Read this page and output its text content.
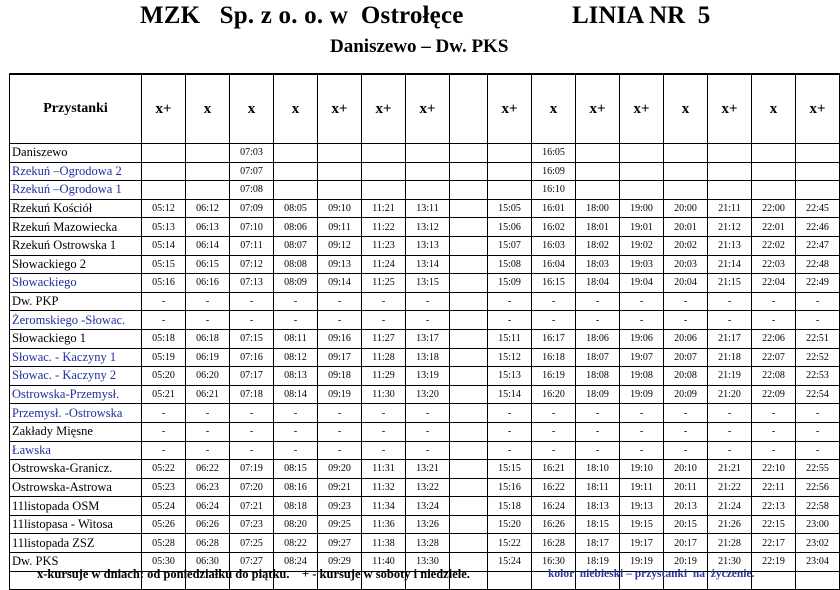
MZK   Sp. z o. o. w  Ostrołęce	LINIA NR  5
Daniszewo – Dw. PKS
Przystanki	x+	x	x	x	x+	x+	x+		x+	x	x+	x+	x	x+	x	x+
Daniszewo			07:03							16:05						
Rzekuń –Ogrodowa 2			07:07							16:09						
Rzekuń –Ogrodowa 1			07:08							16:10						
Rzekuń Kościół	05:12	06:12	07:09	08:05	09:10	11:21	13:11		15:05	16:01	18:00	19:00	20:00	21:11	22:00	22:45
Rzekuń Mazowiecka	05:13	06:13	07:10	08:06	09:11	11:22	13:12		15:06	16:02	18:01	19:01	20:01	21:12	22:01	22:46
Rzekuń Ostrowska 1	05:14	06:14	07:11	08:07	09:12	11:23	13:13		15:07	16:03	18:02	19:02	20:02	21:13	22:02	22:47
Słowackiego 2	05:15	06:15	07:12	08:08	09:13	11:24	13:14		15:08	16:04	18:03	19:03	20:03	21:14	22:03	22:48
Słowackiego	05:16	06:16	07:13	08:09	09:14	11:25	13:15		15:09	16:15	18:04	19:04	20:04	21:15	22:04	22:49
Dw. PKP	-	-	-	-	-	-	-		-	-	-	-	-	-	-	-
Żeromskiego -Słowac.	-	-	-	-	-	-	-		-	-	-	-	-	-	-	-
Słowackiego 1	05:18	06:18	07:15	08:11	09:16	11:27	13:17		15:11	16:17	18:06	19:06	20:06	21:17	22:06	22:51
Słowac. - Kaczyny 1	05:19	06:19	07:16	08:12	09:17	11:28	13:18		15:12	16:18	18:07	19:07	20:07	21:18	22:07	22:52
Słowac. - Kaczyny 2	05:20	06:20	07:17	08:13	09:18	11:29	13:19		15:13	16:19	18:08	19:08	20:08	21:19	22:08	22:53
Ostrowska-Przemysł.	05:21	06:21	07:18	08:14	09:19	11:30	13:20		15:14	16:20	18:09	19:09	20:09	21:20	22:09	22:54
Przemysł. -Ostrowska	-	-	-	-	-	-	-		-	-	-	-	-	-	-	-
Zakłady Mięsne	-	-	-	-	-	-	-		-	-	-	-	-	-	-	-
Ławska	-	-	-	-	-	-	-		-	-	-	-	-	-	-	-
Ostrowska-Granicz.	05:22	06:22	07:19	08:15	09:20	11:31	13:21		15:15	16:21	18:10	19:10	20:10	21:21	22:10	22:55
Ostrowska-Astrowa	05:23	06:23	07:20	08:16	09:21	11:32	13:22		15:16	16:22	18:11	19:11	20:11	21:22	22:11	22:56
11listopada OSM	05:24	06:24	07:21	08:18	09:23	11:34	13:24		15:18	16:24	18:13	19:13	20:13	21:24	22:13	22:58
11listopasa - Witosa	05:26	06:26	07:23	08:20	09:25	11:36	13:26		15:20	16:26	18:15	19:15	20:15	21:26	22:15	23:00
11listopada ZSZ	05:28	06:28	07:25	08:22	09:27	11:38	13:28		15:22	16:28	18:17	19:17	20:17	21:28	22:17	23:02
Dw. PKS	05:30	06:30	07:27	08:24	09:29	11:40	13:30		15:24	16:30	18:19	19:19	20:19	21:30	22:19	23:04

x-kursuje w dniach: od poniedziałku do piątku.    + - kursuje w soboty i niedziele.	kolor  niebieski – przystanki  na  życzenie.
